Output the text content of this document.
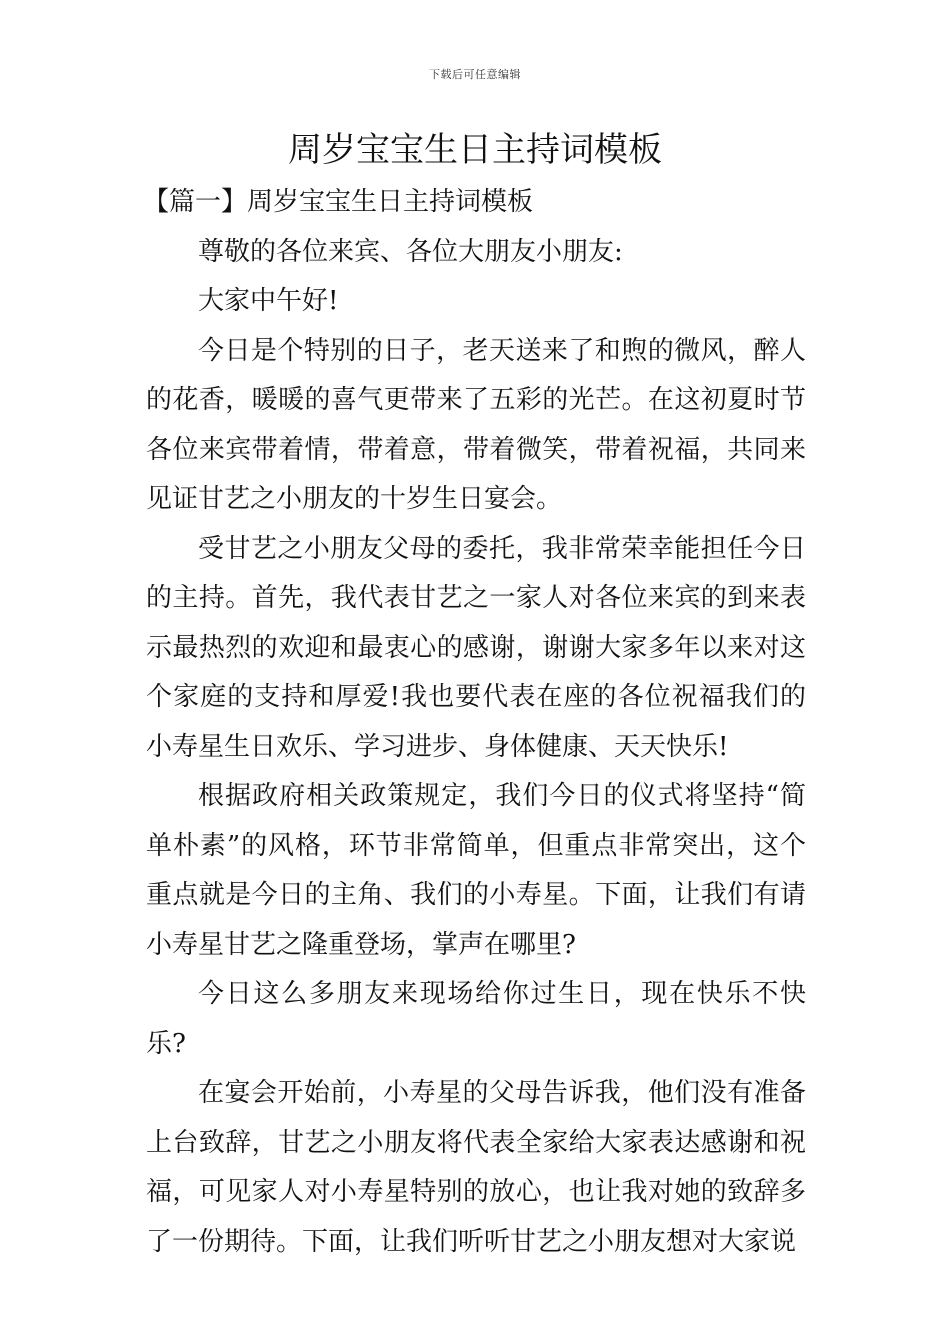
下载后可任意编辑
周岁宝宝生日主持词模板

【篇一】周岁宝宝生日主持词模板

尊敬的各位来宾、各位大朋友小朋友:

大家中午好!

今日是个特别的日子，老天送来了和煦的微风，醉人的花香，暖暖的喜气更带来了五彩的光芒。在这初夏时节各位来宾带着情，带着意，带着微笑，带着祝福，共同来见证甘艺之小朋友的十岁生日宴会。

受甘艺之小朋友父母的委托，我非常荣幸能担任今日的主持。首先，我代表甘艺之一家人对各位来宾的到来表示最热烈的欢迎和最衷心的感谢，谢谢大家多年以来对这个家庭的支持和厚爱!我也要代表在座的各位祝福我们的小寿星生日欢乐、学习进步、身体健康、天天快乐!

根据政府相关政策规定，我们今日的仪式将坚持“简单朴素”的风格，环节非常简单，但重点非常突出，这个重点就是今日的主角、我们的小寿星。下面，让我们有请小寿星甘艺之隆重登场，掌声在哪里?

今日这么多朋友来现场给你过生日，现在快乐不快乐?

在宴会开始前，小寿星的父母告诉我，他们没有准备上台致辞，甘艺之小朋友将代表全家给大家表达感谢和祝福，可见家人对小寿星特别的放心，也让我对她的致辞多了一份期待。下面，让我们听听甘艺之小朋友想对大家说
